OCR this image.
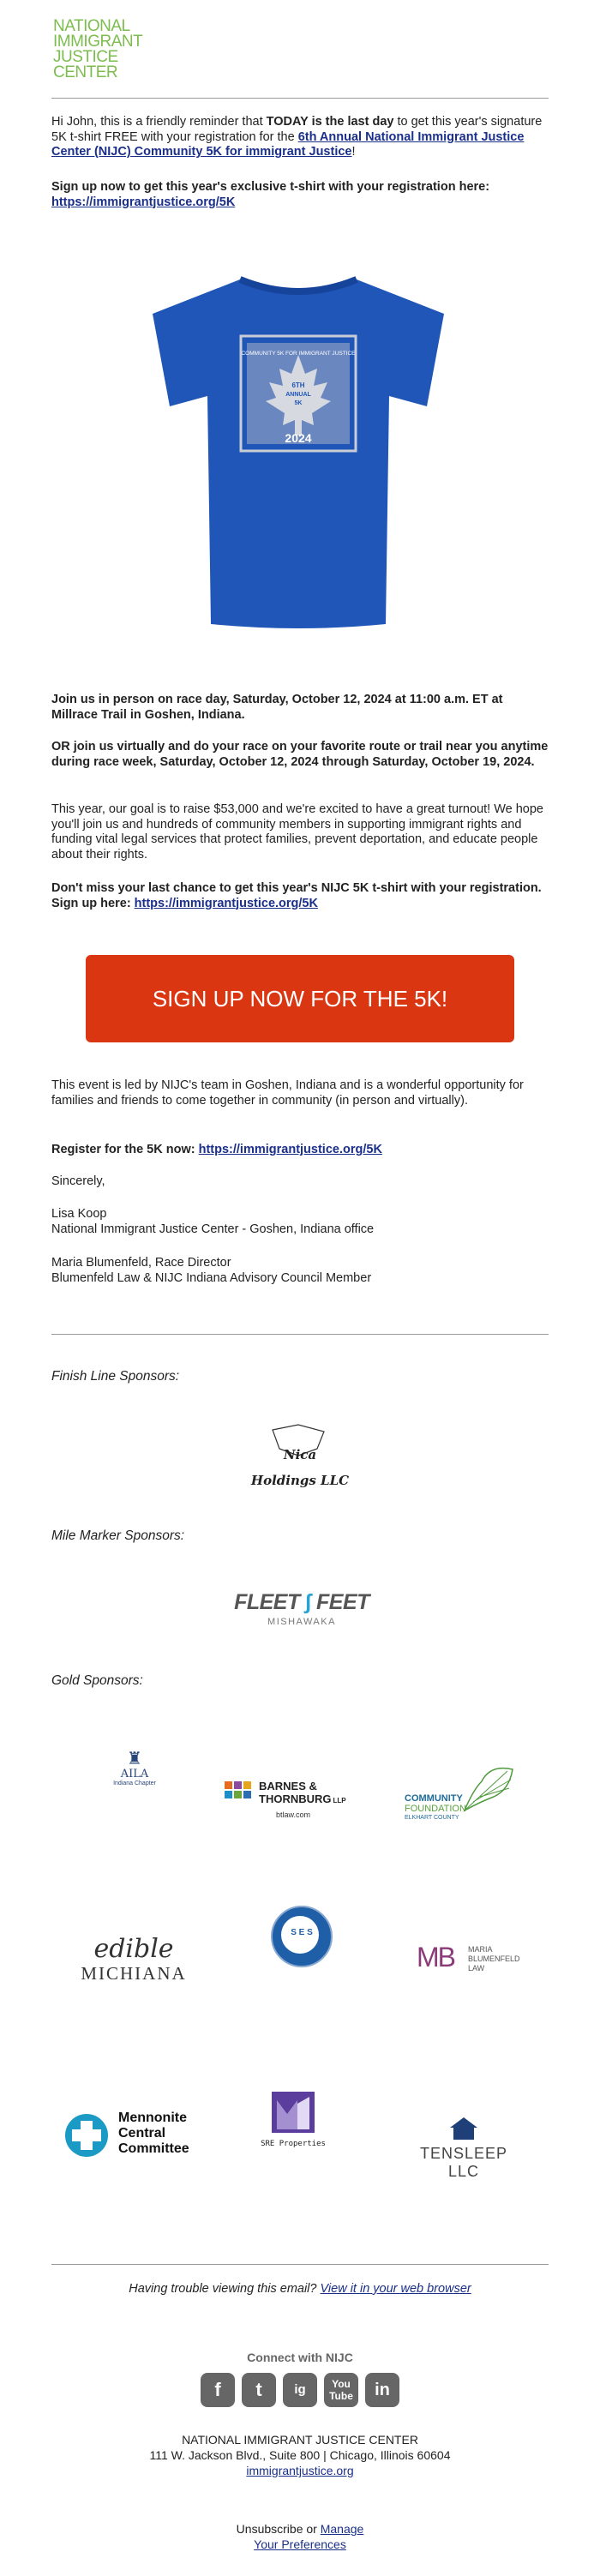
NATIONAL
IMMIGRANT
JUSTICE CENTER

Hi John, this is a friendly reminder that TODAY is the last day to get this year's signature 5K t-shirt FREE with your registration for the 6th Annual National Immigrant Justice Center (NIJC) Community 5K for immigrant Justice!

Sign up now to get this year's exclusive t-shirt with your registration here: https://immigrantjustice.org/5K

COMMUNITY 5K FOR IMMIGRANT JUSTICE
6TH
ANNUAL
5K
2024

Join us in person on race day, Saturday, October 12, 2024 at 11:00 a.m. ET at Millrace Trail in Goshen, Indiana.

OR join us virtually and do your race on your favorite route or trail near you anytime during race week, Saturday, October 12, 2024 through Saturday, October 19, 2024.

This year, our goal is to raise $53,000 and we're excited to have a great turnout! We hope you'll join us and hundreds of community members in supporting immigrant rights and funding vital legal services that protect families, prevent deportation, and educate people about their rights.

Don't miss your last chance to get this year's NIJC 5K t-shirt with your registration. Sign up here: https://immigrantjustice.org/5K

SIGN UP NOW FOR THE 5K!

This event is led by NIJC's team in Goshen, Indiana and is a wonderful opportunity for families and friends to come together in community (in person and virtually).

Register for the 5K now: https://immigrantjustice.org/5K

Sincerely,

Lisa Koop
National Immigrant Justice Center - Goshen, Indiana office
Maria Blumenfeld, Race Director
Blumenfeld Law & NIJC Indiana Advisory Council Member
Finish Line Sponsors:
Nica
Holdings LLC
Mile Marker Sponsors:
FLEET ∫ FEET
MISHAWAKA
Gold Sponsors:
♜
AILA
Indiana Chapter	BARNES &
THORNBURG LLP
btlaw.com
COMMUNITY
FOUNDATION
ELKHART COUNTY
edible
MICHIANA
S E S
MB MARIA
BLUMENFELD
LAW
Mennonite
Central
Committee	SRE Properties
TENSLEEP LLC
Having trouble viewing this email? View it in your web browser
Connect with NIJC
f t	ig	You Tube in
NATIONAL IMMIGRANT JUSTICE CENTER
111 W. Jackson Blvd., Suite 800 | Chicago, Illinois 60604
immigrantjustice.org
Unsubscribe or Manage
Your Preferences
